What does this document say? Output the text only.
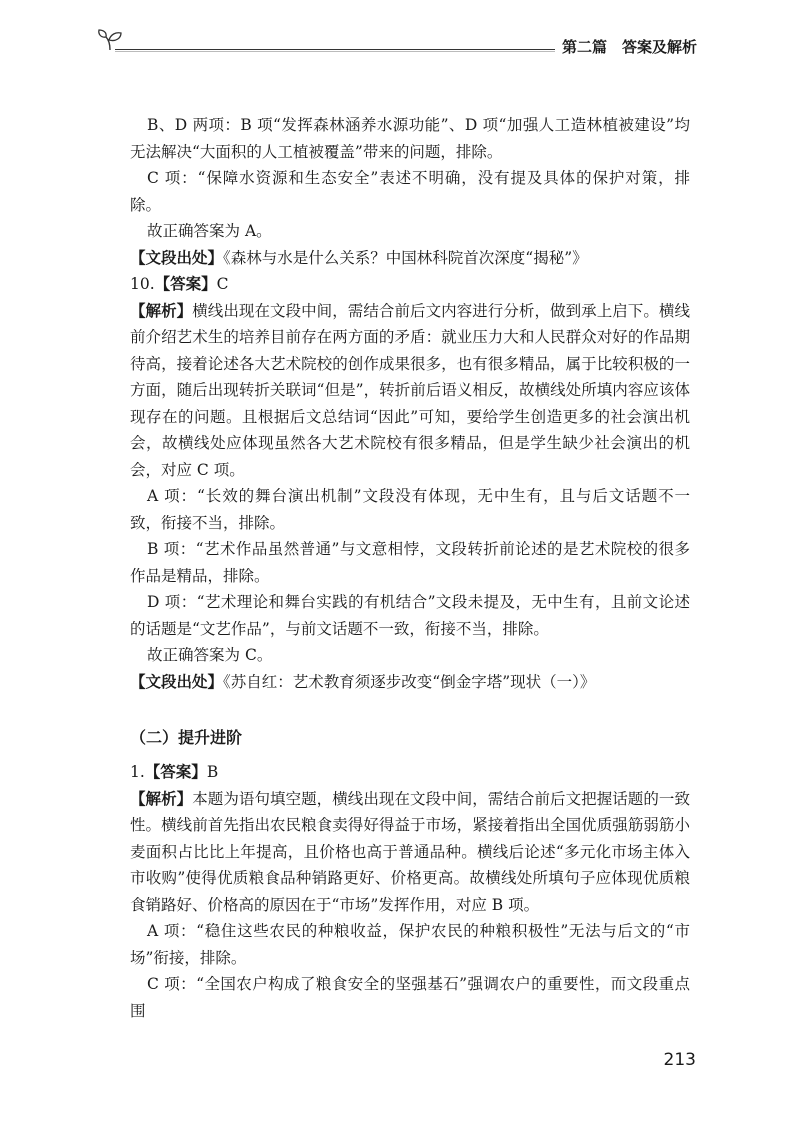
第二篇　答案及解析

B、D 两项：B 项“发挥森林涵养水源功能”、D 项“加强人工造林植被建设”均无法解决“大面积的人工植被覆盖”带来的问题，排除。

C 项：“保障水资源和生态安全”表述不明确，没有提及具体的保护对策，排除。

故正确答案为 A。

【文段出处】《森林与水是什么关系？中国林科院首次深度“揭秘”》

10.【答案】C

【解析】横线出现在文段中间，需结合前后文内容进行分析，做到承上启下。横线前介绍艺术生的培养目前存在两方面的矛盾：就业压力大和人民群众对好的作品期待高，接着论述各大艺术院校的创作成果很多，也有很多精品，属于比较积极的一方面，随后出现转折关联词“但是”，转折前后语义相反，故横线处所填内容应该体现存在的问题。且根据后文总结词“因此”可知，要给学生创造更多的社会演出机会，故横线处应体现虽然各大艺术院校有很多精品，但是学生缺少社会演出的机会，对应 C 项。

A 项：“长效的舞台演出机制”文段没有体现，无中生有，且与后文话题不一致，衔接不当，排除。

B 项：“艺术作品虽然普通”与文意相悖，文段转折前论述的是艺术院校的很多作品是精品，排除。

D 项：“艺术理论和舞台实践的有机结合”文段未提及，无中生有，且前文论述的话题是“文艺作品”，与前文话题不一致，衔接不当，排除。

故正确答案为 C。

【文段出处】《苏自红：艺术教育须逐步改变“倒金字塔”现状（一）》

（二）提升进阶

1.【答案】B

【解析】本题为语句填空题，横线出现在文段中间，需结合前后文把握话题的一致性。横线前首先指出农民粮食卖得好得益于市场，紧接着指出全国优质强筋弱筋小麦面积占比比上年提高，且价格也高于普通品种。横线后论述“多元化市场主体入市收购”使得优质粮食品种销路更好、价格更高。故横线处所填句子应体现优质粮食销路好、价格高的原因在于“市场”发挥作用，对应 B 项。

A 项：“稳住这些农民的种粮收益，保护农民的种粮积极性”无法与后文的“市场”衔接，排除。

C 项：“全国农户构成了粮食安全的坚强基石”强调农户的重要性，而文段重点围

213
